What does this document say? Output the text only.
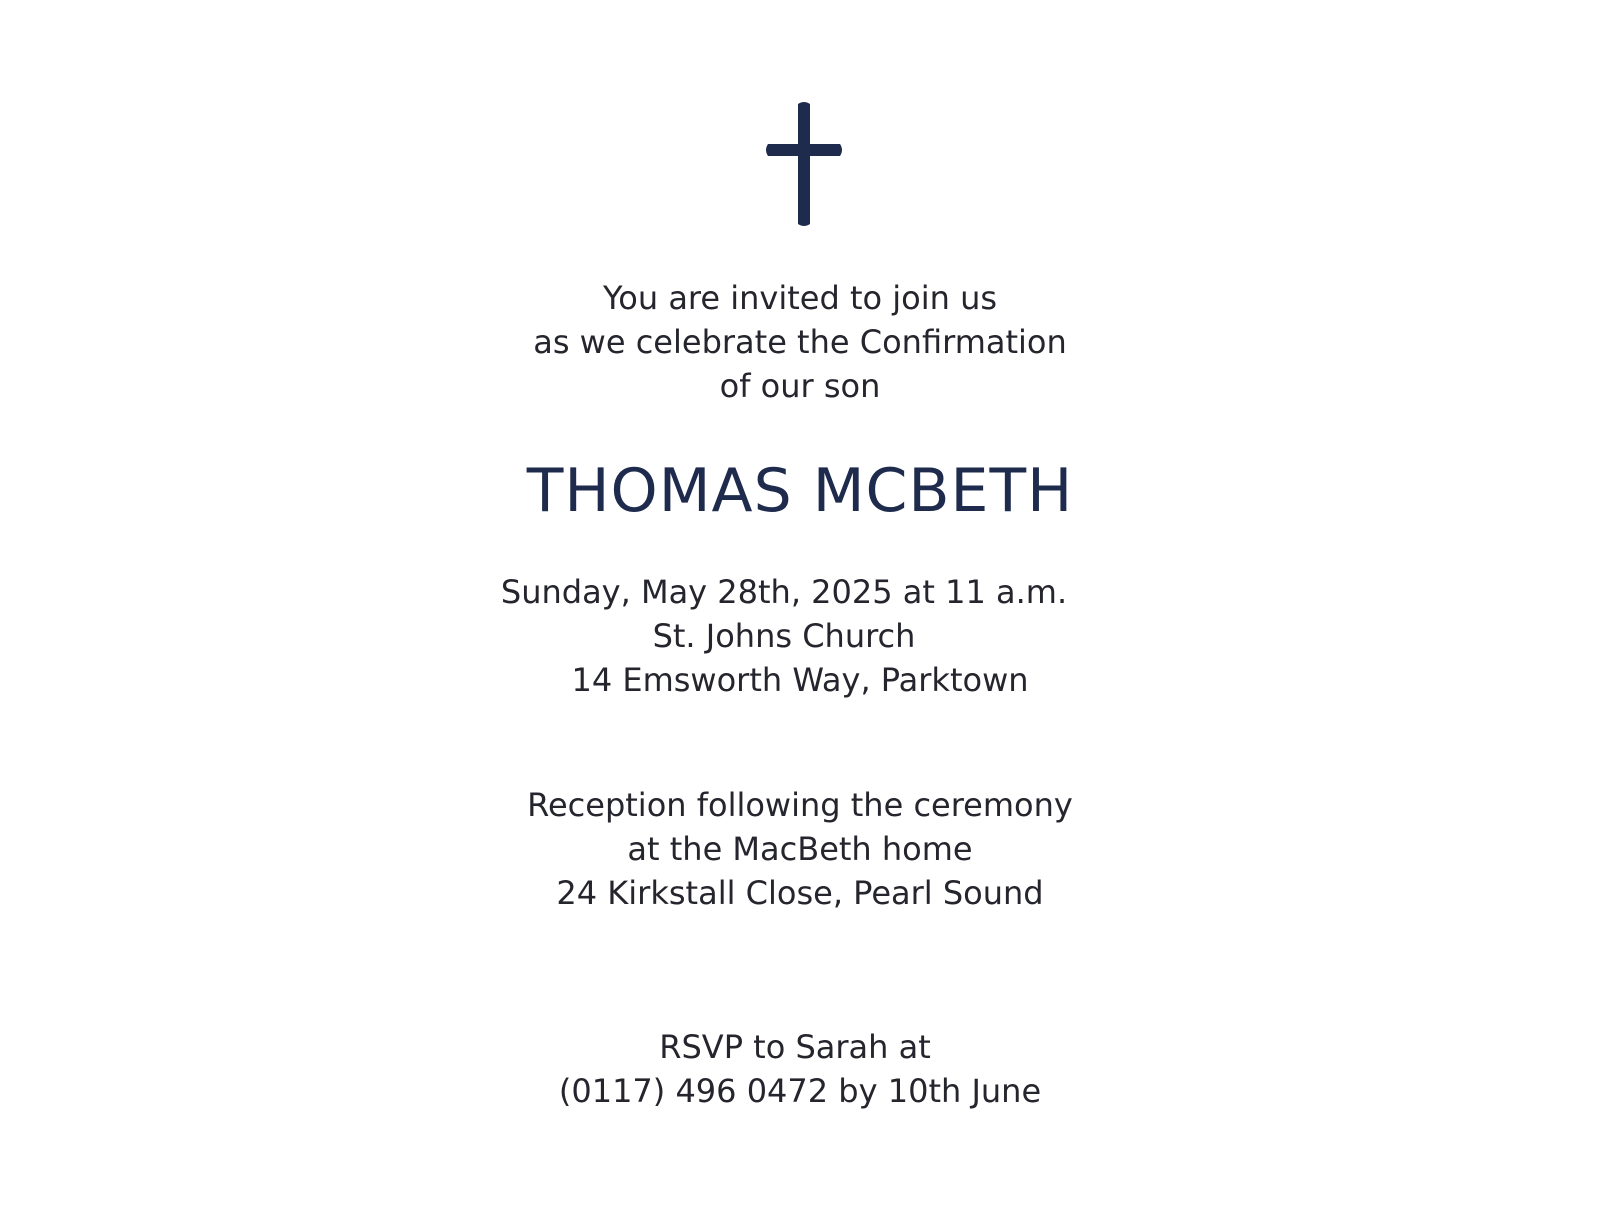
You are invited to join us
as we celebrate the Confirmation
of our son
THOMAS MCBETH
Sunday, May 28th, 2025 at 11 a.m.
St. Johns Church
14 Emsworth Way, Parktown
Reception following the ceremony
at the MacBeth home
24 Kirkstall Close, Pearl Sound
RSVP to Sarah at
(0117) 496 0472 by 10th June
